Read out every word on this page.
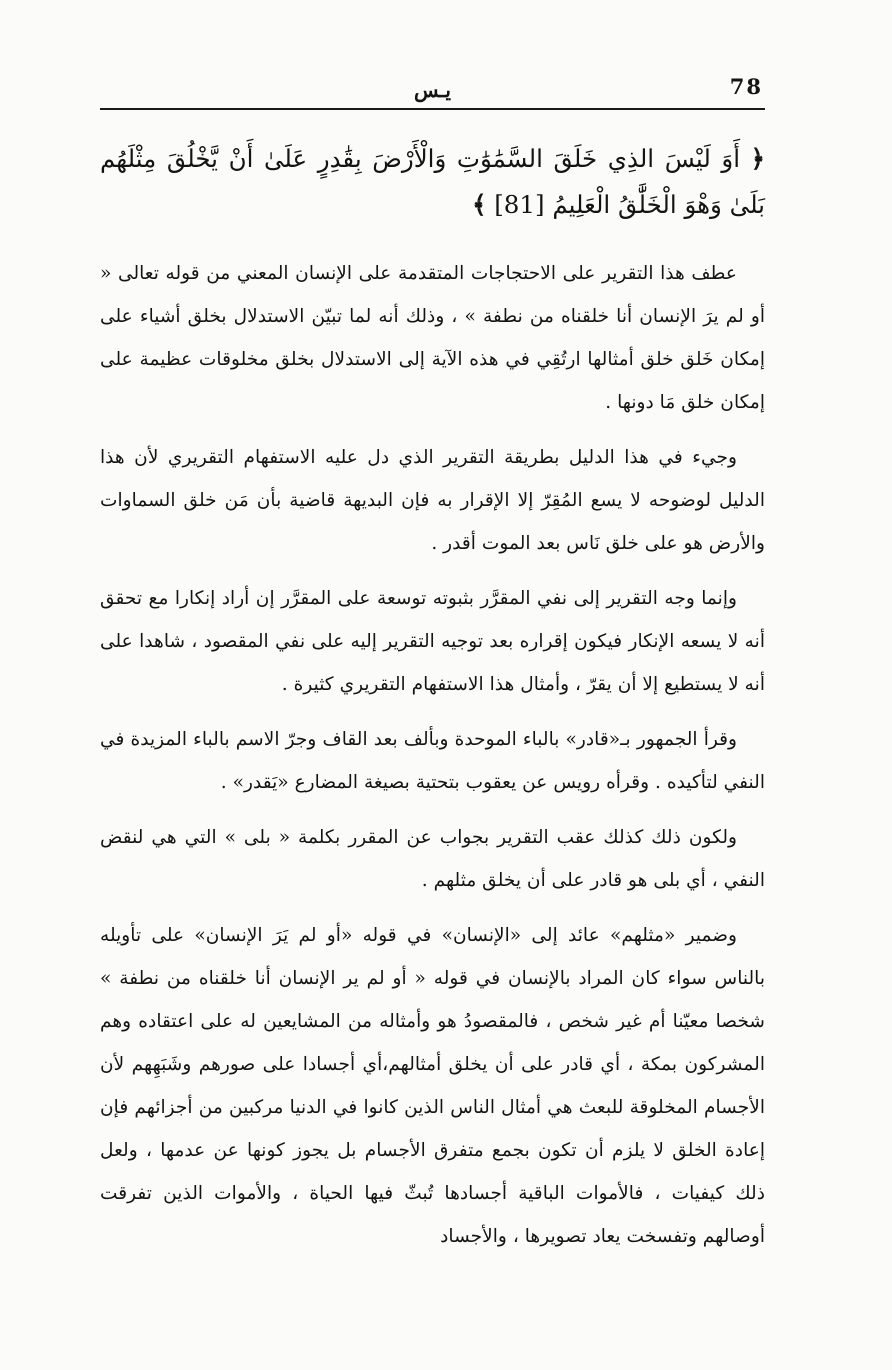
78
يـس

﴿ أَوَ لَيْسَ الذِي خَلَقَ السَّمَٰوَٰتِ وَالْأَرْضَ بِقَٰدِرٍ عَلَىٰ أَنْ يَّخْلُقَ مِثْلَهُم بَلَىٰ وَهْوَ الْخَلَّٰقُ الْعَلِيمُ [81] ﴾

عطف هذا التقرير على الاحتجاجات المتقدمة على الإنسان المعني من قوله تعالى « أو لم يرَ الإنسان أنا خلقناه من نطفة » ، وذلك أنه لما تبيّن الاستدلال بخلق أشياء على إمكان خَلق خلق أمثالها ارتُقِي في هذه الآية إلى الاستدلال بخلق مخلوقات عظيمة على إمكان خلق مَا دونها .

وجيء في هذا الدليل بطريقة التقرير الذي دل عليه الاستفهام التقريري لأن هذا الدليل لوضوحه لا يسع المُقِرّ إلا الإقرار به فإن البديهة قاضية بأن مَن خلق السماوات والأرض هو على خلق نَاس بعد الموت أقدر .

وإنما وجه التقرير إلى نفي المقرَّر بثبوته توسعة على المقرَّر إن أراد إنكارا مع تحقق أنه لا يسعه الإنكار فيكون إقراره بعد توجيه التقرير إليه على نفي المقصود ، شاهدا على أنه لا يستطيع إلا أن يقرّ ، وأمثال هذا الاستفهام التقريري كثيرة .

وقرأ الجمهور بـ«قادر» بالباء الموحدة وبألف بعد القاف وجرّ الاسم بالباء المزيدة في النفي لتأكيده . وقرأه رويس عن يعقوب بتحتية بصيغة المضارع «يَقدر» .

ولكون ذلك كذلك عقب التقرير بجواب عن المقرر بكلمة « بلى » التي هي لنقض النفي ، أي بلى هو قادر على أن يخلق مثلهم .

وضمير «مثلهم» عائد إلى «الإنسان» في قوله «أو لم يَرَ الإنسان» على تأويله بالناس سواء كان المراد بالإنسان في قوله « أو لم ير الإنسان أنا خلقناه من نطفة » شخصا معيّنا أم غير شخص ، فالمقصودُ هو وأمثاله من المشايعين له على اعتقاده وهم المشركون بمكة ، أي قادر على أن يخلق أمثالهم،أي أجسادا على صورهم وشَبَهِهم لأن الأجسام المخلوقة للبعث هي أمثال الناس الذين كانوا في الدنيا مركبين من أجزائهم فإن إعادة الخلق لا يلزم أن تكون بجمع متفرق الأجسام بل يجوز كونها عن عدمها ، ولعل ذلك كيفيات ، فالأموات الباقية أجسادها تُبثّ فيها الحياة ، والأموات الذين تفرقت أوصالهم وتفسخت يعاد تصويرها ، والأجساد
